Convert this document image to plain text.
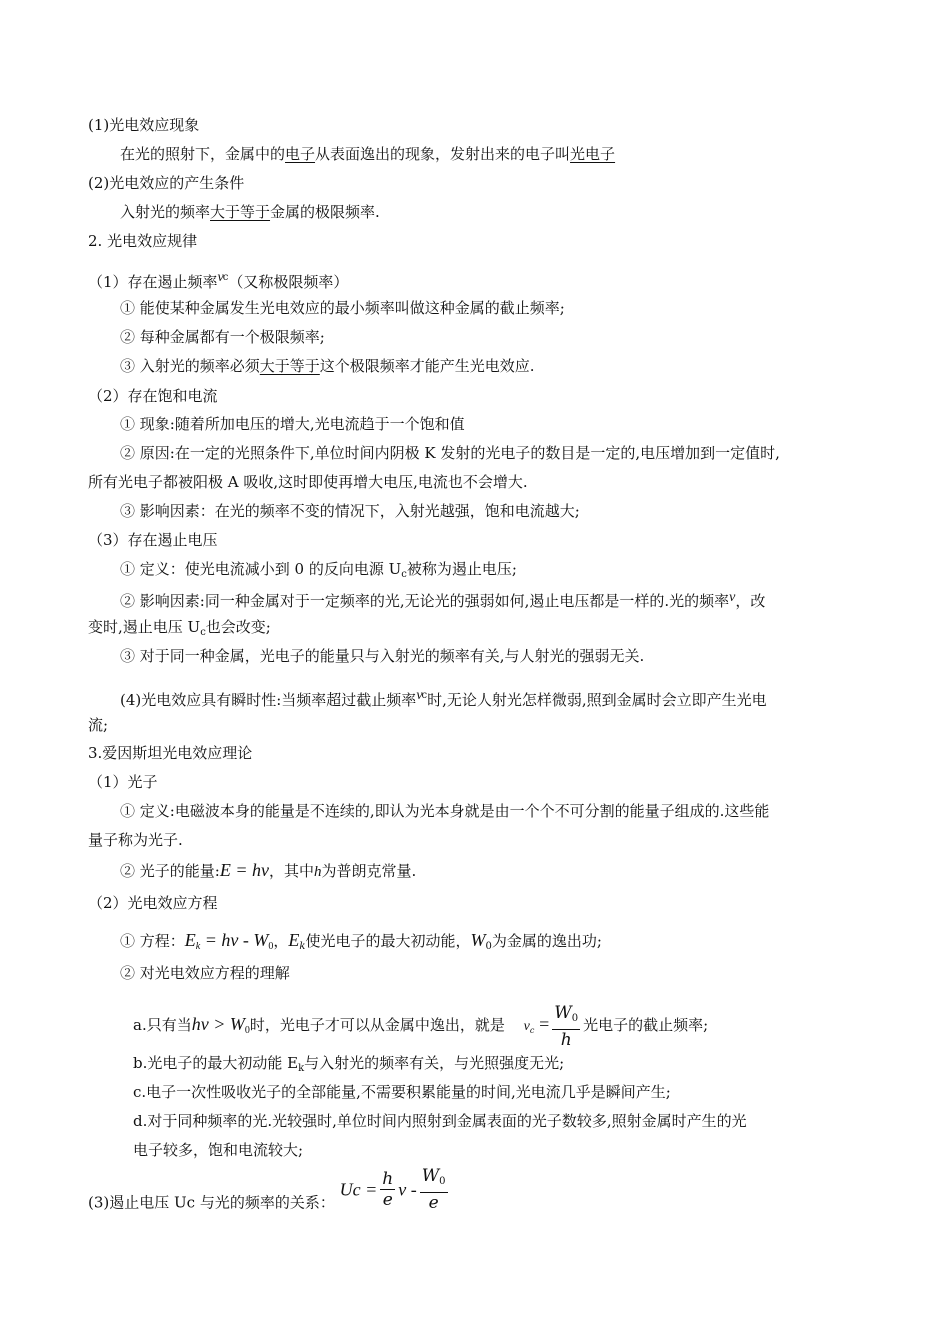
(1)光电效应现象
在光的照射下，金属中的电子从表面逸出的现象，发射出来的电子叫光电子
(2)光电效应的产生条件
入射光的频率大于等于金属的极限频率.
2. 光电效应规律
（1）存在遏止频率$\nu^c$（又称极限频率）
① 能使某种金属发生光电效应的最小频率叫做这种金属的截止频率;
② 每种金属都有一个极限频率;
③ 入射光的频率必须大于等于这个极限频率才能产生光电效应.
（2）存在饱和电流
① 现象:随着所加电压的增大,光电流趋于一个饱和值
② 原因:在一定的光照条件下,单位时间内阴极 K 发射的光电子的数目是一定的,电压增加到一定值时,
所有光电子都被阳极 A 吸收,这时即使再增大电压,电流也不会增大.
③ 影响因素：在光的频率不变的情况下，入射光越强，饱和电流越大;
（3）存在遏止电压
① 定义：使光电流减小到 0 的反向电源 $U_c$被称为遏止电压;
② 影响因素:同一种金属对于一定频率的光,无论光的强弱如何,遏止电压都是一样的.光的频率ν，改
变时,遏止电压 $U_c$也会改变;
③ 对于同一种金属，光电子的能量只与入射光的频率有关,与人射光的强弱无关.
(4)光电效应具有瞬时性:当频率超过截止频率$\nu^c$时,无论人射光怎样微弱,照到金属时会立即产生光电
流;
3.爱因斯坦光电效应理论
（1）光子
① 定义:电磁波本身的能量是不连续的,即认为光本身就是由一个个不可分割的能量子组成的.这些能
量子称为光子.
② 光子的能量:E = hν，其中h为普朗克常量.
（2）光电效应方程
① 方程：$E_k = h\nu - W_0$，$E_k$使光电子的最大初动能，$W_0$为金属的逸出功;
② 对光电效应方程的理解
a.只有当$h\nu > W_0$时，光电子才可以从金属中逸出，就是 $\nu_c = \frac{W_0}{h}$ 光电子的截止频率;
b.光电子的最大初动能 $E_k$与入射光的频率有关，与光照强度无光;
c.电子一次性吸收光子的全部能量,不需要积累能量的时间,光电流几乎是瞬间产生;
d.对于同种频率的光.光较强时,单位时间内照射到金属表面的光子数较多,照射金属时产生的光
电子较多，饱和电流较大;
(3)遏止电压 Uc 与光的频率的关系： $Uc = \frac{h}{e}$ ν - $\frac{W_0}{e}$
